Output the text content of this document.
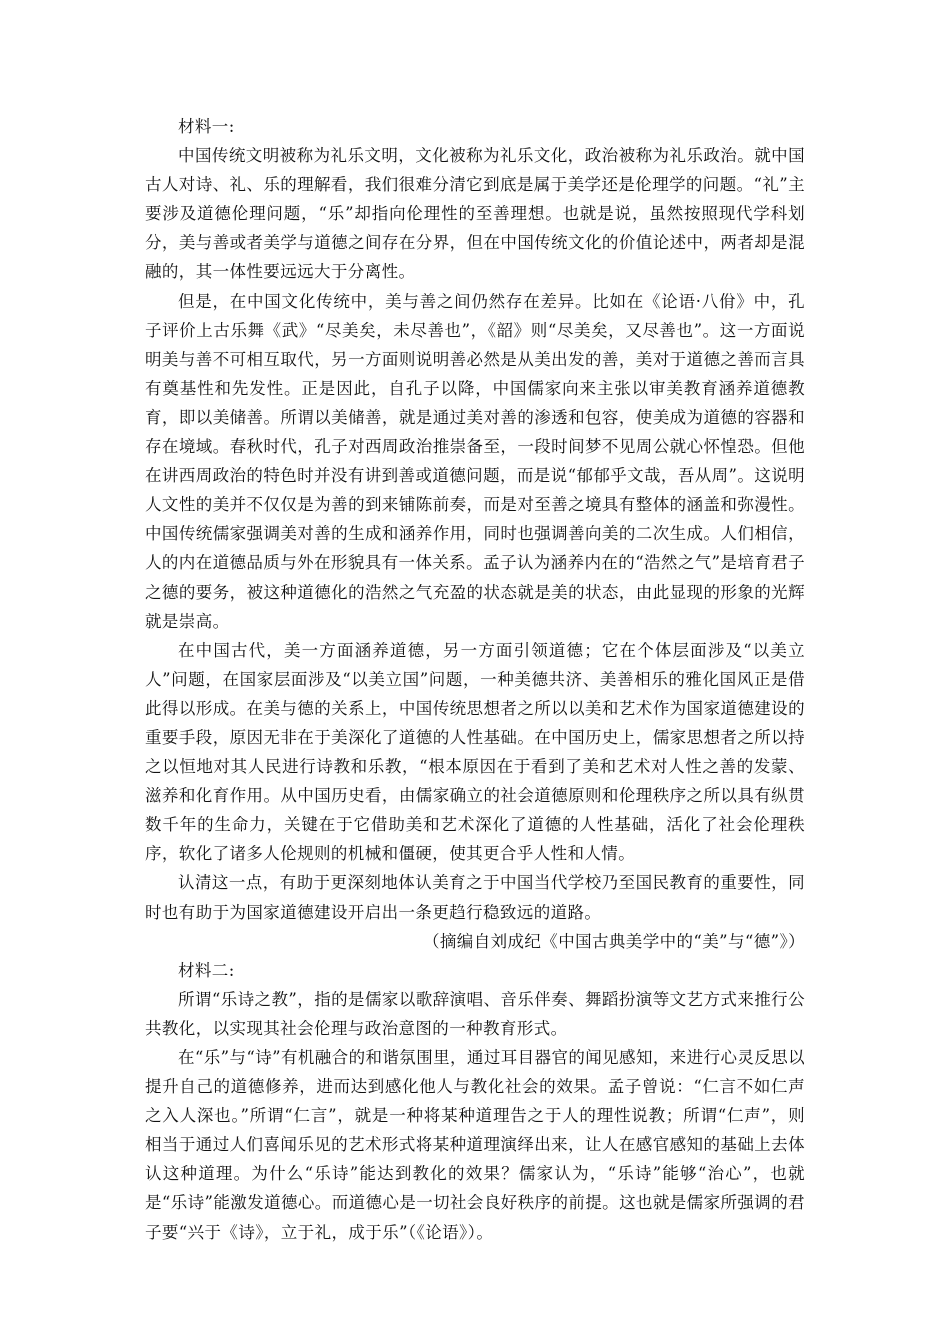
材料一:

中国传统文明被称为礼乐文明，文化被称为礼乐文化，政治被称为礼乐政治。就中国古人对诗、礼、乐的理解看，我们很难分清它到底是属于美学还是伦理学的问题。“礼”主要涉及道德伦理问题，“乐”却指向伦理性的至善理想。也就是说，虽然按照现代学科划分，美与善或者美学与道德之间存在分界，但在中国传统文化的价值论述中，两者却是混融的，其一体性要远远大于分离性。

但是，在中国文化传统中，美与善之间仍然存在差异。比如在《论语·八佾》中，孔子评价上古乐舞《武》“尽美矣，未尽善也”，《韶》则“尽美矣，又尽善也”。这一方面说明美与善不可相互取代，另一方面则说明善必然是从美出发的善，美对于道德之善而言具有奠基性和先发性。正是因此，自孔子以降，中国儒家向来主张以审美教育涵养道德教育，即以美储善。所谓以美储善，就是通过美对善的渗透和包容，使美成为道德的容器和存在境域。春秋时代，孔子对西周政治推崇备至，一段时间梦不见周公就心怀惶恐。但他在讲西周政治的特色时并没有讲到善或道德问题，而是说“郁郁乎文哉，吾从周”。这说明人文性的美并不仅仅是为善的到来铺陈前奏，而是对至善之境具有整体的涵盖和弥漫性。中国传统儒家强调美对善的生成和涵养作用，同时也强调善向美的二次生成。人们相信，人的内在道德品质与外在形貌具有一体关系。孟子认为涵养内在的“浩然之气”是培育君子之德的要务，被这种道德化的浩然之气充盈的状态就是美的状态，由此显现的形象的光辉就是崇高。

在中国古代，美一方面涵养道德，另一方面引领道德；它在个体层面涉及“以美立人”问题，在国家层面涉及“以美立国”问题，一种美德共济、美善相乐的雅化国风正是借此得以形成。在美与德的关系上，中国传统思想者之所以以美和艺术作为国家道德建设的重要手段，原因无非在于美深化了道德的人性基础。在中国历史上，儒家思想者之所以持之以恒地对其人民进行诗教和乐教，“根本原因在于看到了美和艺术对人性之善的发蒙、滋养和化育作用。从中国历史看，由儒家确立的社会道德原则和伦理秩序之所以具有纵贯数千年的生命力，关键在于它借助美和艺术深化了道德的人性基础，活化了社会伦理秩序，软化了诸多人伦规则的机械和僵硬，使其更合乎人性和人情。

认清这一点，有助于更深刻地体认美育之于中国当代学校乃至国民教育的重要性，同时也有助于为国家道德建设开启出一条更趋行稳致远的道路。

（摘编自刘成纪《中国古典美学中的“美”与“德”》）

材料二:

所谓“乐诗之教”，指的是儒家以歌辞演唱、音乐伴奏、舞蹈扮演等文艺方式来推行公共教化，以实现其社会伦理与政治意图的一种教育形式。

在“乐”与“诗”有机融合的和谐氛围里，通过耳目器官的闻见感知，来进行心灵反思以提升自己的道德修养，进而达到感化他人与教化社会的效果。孟子曾说：“仁言不如仁声之入人深也。”所谓“仁言”，就是一种将某种道理告之于人的理性说教；所谓“仁声”，则相当于通过人们喜闻乐见的艺术形式将某种道理演绎出来，让人在感官感知的基础上去体认这种道理。为什么“乐诗”能达到教化的效果？儒家认为，“乐诗”能够“治心”，也就是“乐诗”能激发道德心。而道德心是一切社会良好秩序的前提。这也就是儒家所强调的君子要“兴于《诗》，立于礼，成于乐”（《论语》）。
